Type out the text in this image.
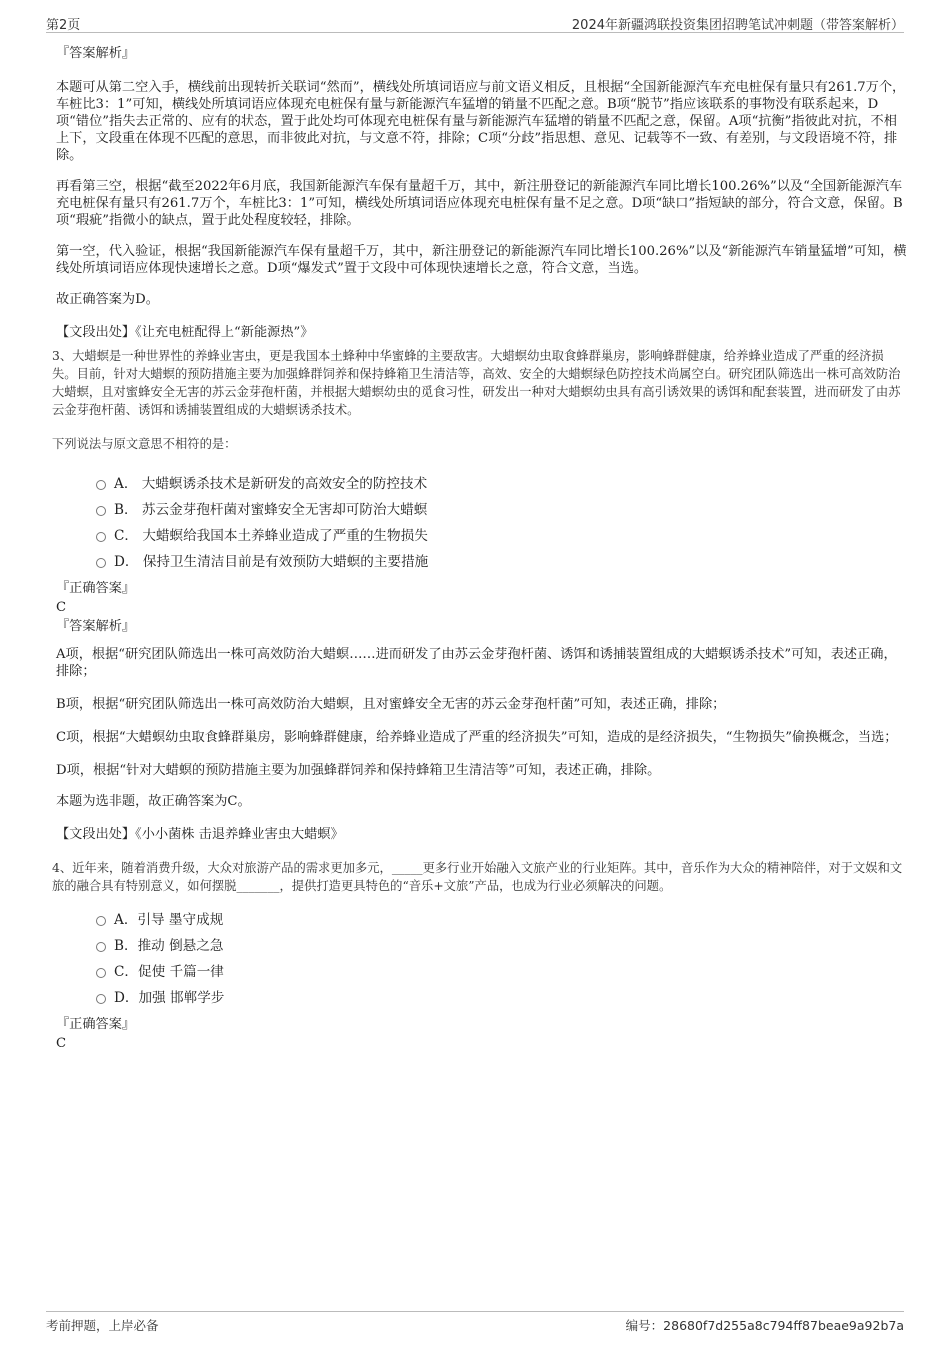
第2页	2024年新疆鸿联投资集团招聘笔试冲刺题（带答案解析）
『答案解析』

本题可从第二空入手，横线前出现转折关联词“然而”，横线处所填词语应与前文语义相反，且根据“全国新能源汽车充电桩保有量只有261.7万个，车桩比3：1”可知，横线处所填词语应体现充电桩保有量与新能源汽车猛增的销量不匹配之意。B项“脱节”指应该联系的事物没有联系起来，D项“错位”指失去正常的、应有的状态，置于此处均可体现充电桩保有量与新能源汽车猛增的销量不匹配之意，保留。A项“抗衡”指彼此对抗，不相上下，文段重在体现不匹配的意思，而非彼此对抗，与文意不符，排除；C项“分歧”指思想、意见、记载等不一致、有差别，与文段语境不符，排除。

再看第三空，根据“截至2022年6月底，我国新能源汽车保有量超千万，其中，新注册登记的新能源汽车同比增长100.26%”以及“全国新能源汽车充电桩保有量只有261.7万个，车桩比3：1”可知，横线处所填词语应体现充电桩保有量不足之意。D项“缺口”指短缺的部分，符合文意，保留。B项“瑕疵”指微小的缺点，置于此处程度较轻，排除。

第一空，代入验证，根据“我国新能源汽车保有量超千万，其中，新注册登记的新能源汽车同比增长100.26%”以及“新能源汽车销量猛增”可知，横线处所填词语应体现快速增长之意。D项“爆发式”置于文段中可体现快速增长之意，符合文意，当选。

故正确答案为D。

【文段出处】《让充电桩配得上“新能源热”》

3、大蜡螟是一种世界性的养蜂业害虫，更是我国本土蜂种中华蜜蜂的主要敌害。大蜡螟幼虫取食蜂群巢房，影响蜂群健康，给养蜂业造成了严重的经济损失。目前，针对大蜡螟的预防措施主要为加强蜂群饲养和保持蜂箱卫生清洁等，高效、安全的大蜡螟绿色防控技术尚属空白。研究团队筛选出一株可高效防治大蜡螟，且对蜜蜂安全无害的苏云金芽孢杆菌，并根据大蜡螟幼虫的觅食习性，研发出一种对大蜡螟幼虫具有高引诱效果的诱饵和配套装置，进而研发了由苏云金芽孢杆菌、诱饵和诱捕装置组成的大蜡螟诱杀技术。

下列说法与原文意思不相符的是：

A． 大蜡螟诱杀技术是新研发的高效安全的防控技术
B． 苏云金芽孢杆菌对蜜蜂安全无害却可防治大蜡螟
C． 大蜡螟给我国本土养蜂业造成了严重的生物损失
D． 保持卫生清洁目前是有效预防大蜡螟的主要措施
『正确答案』
C
『答案解析』

A项，根据“研究团队筛选出一株可高效防治大蜡螟……进而研发了由苏云金芽孢杆菌、诱饵和诱捕装置组成的大蜡螟诱杀技术”可知，表述正确，排除；

B项，根据“研究团队筛选出一株可高效防治大蜡螟，且对蜜蜂安全无害的苏云金芽孢杆菌”可知，表述正确，排除；

C项，根据“大蜡螟幼虫取食蜂群巢房，影响蜂群健康，给养蜂业造成了严重的经济损失”可知，造成的是经济损失，“生物损失”偷换概念，当选；

D项，根据“针对大蜡螟的预防措施主要为加强蜂群饲养和保持蜂箱卫生清洁等”可知，表述正确，排除。

本题为选非题，故正确答案为C。

【文段出处】《小小菌株 击退养蜂业害虫大蜡螟》

4、近年来，随着消费升级，大众对旅游产品的需求更加多元，_____更多行业开始融入文旅产业的行业矩阵。其中，音乐作为大众的精神陪伴，对于文娱和文旅的融合具有特别意义，如何摆脱_______，提供打造更具特色的“音乐+文旅”产品，也成为行业必须解决的问题。

A．引导 墨守成规
B．推动 倒悬之急
C．促使 千篇一律
D．加强 邯郸学步
『正确答案』
C
考前押题，上岸必备	编号：28680f7d255a8c794ff87beae9a92b7a
